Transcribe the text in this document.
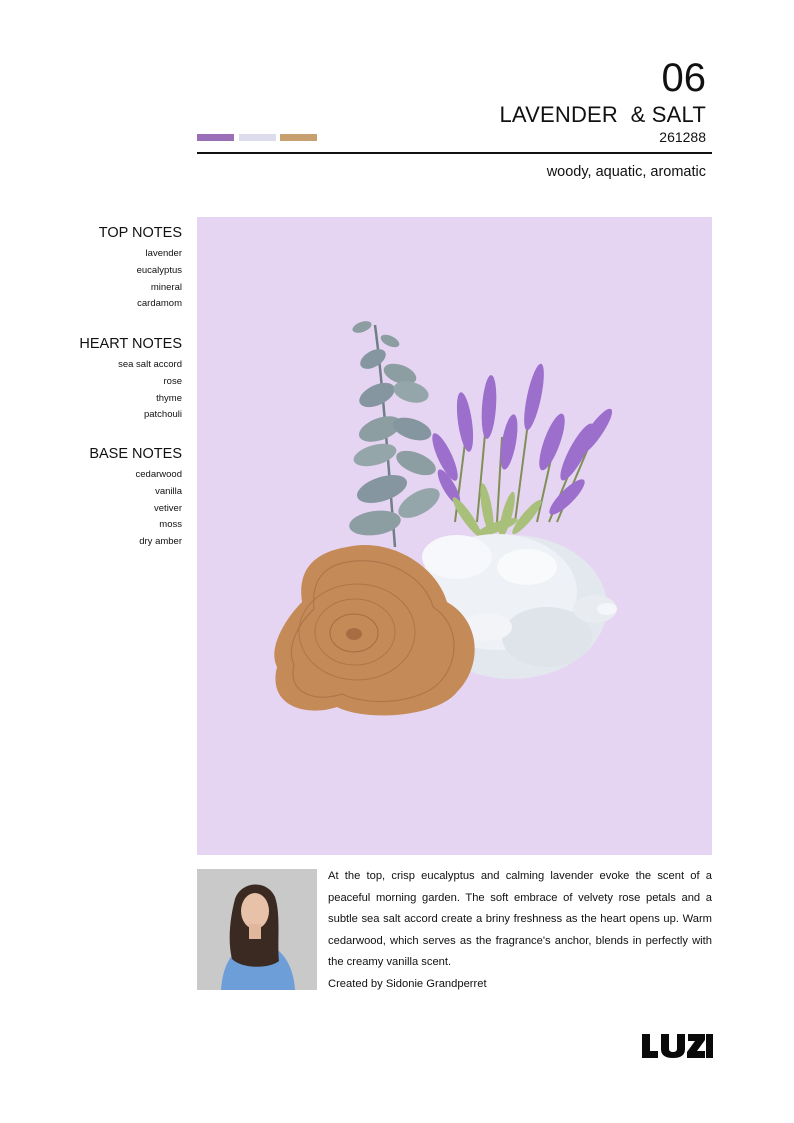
06
LAVENDER  & SALT
261288
woody, aquatic, aromatic
TOP NOTES
lavender
eucalyptus
mineral
cardamom
HEART NOTES
sea salt accord
rose
thyme
patchouli
BASE NOTES
cedarwood
vanilla
vetiver
moss
dry amber

At the top, crisp eucalyptus and calming lavender evoke the scent of a peaceful morning garden. The soft embrace of velvety rose petals and a subtle sea salt accord create a briny freshness as the heart opens up. Warm cedarwood, which serves as the fragrance's anchor, blends in perfectly with the creamy vanilla scent.

Created by Sidonie Grandperret
